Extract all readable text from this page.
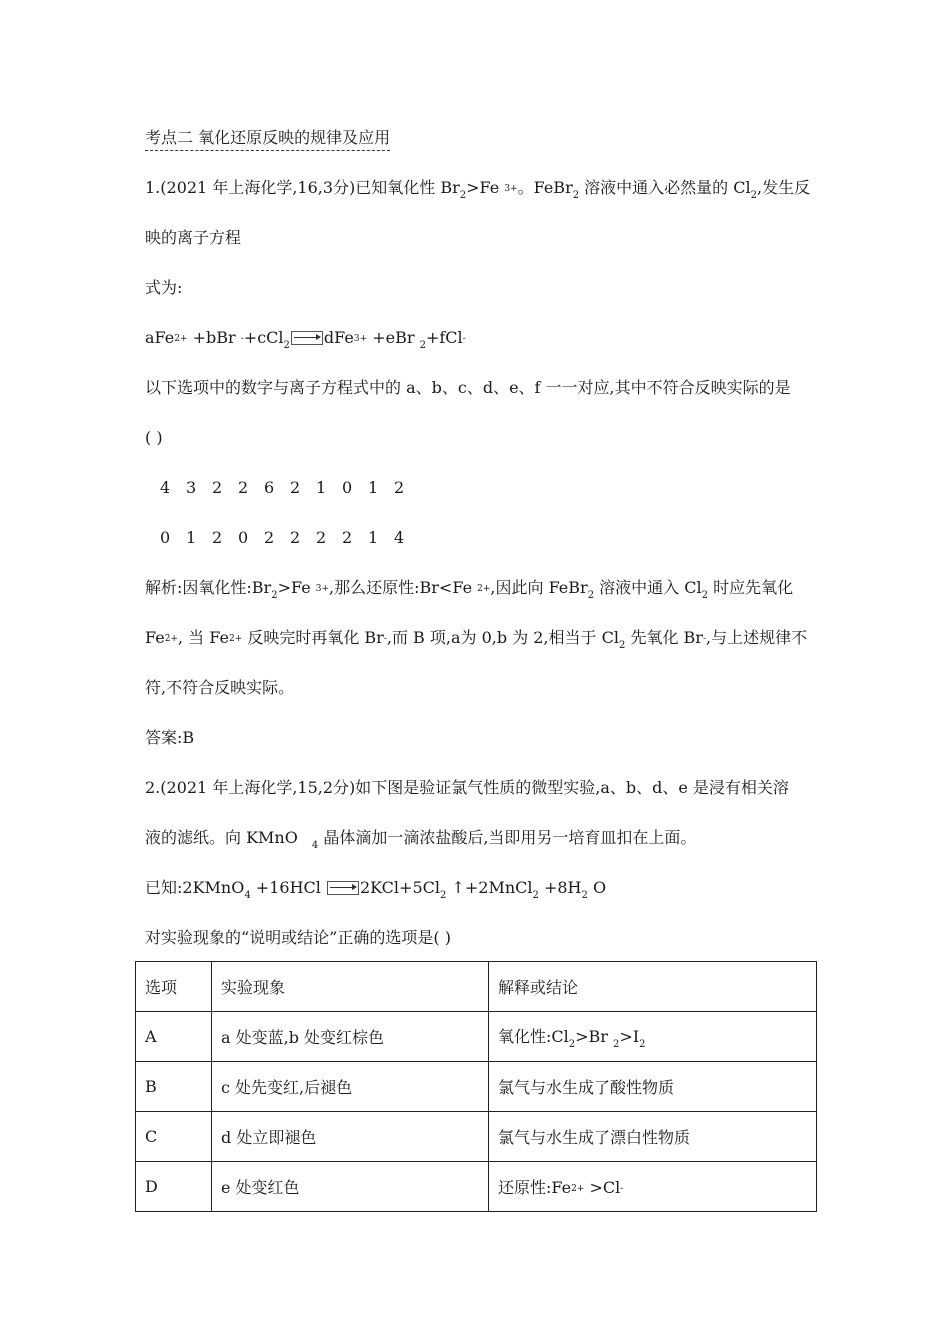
考点二 氧化还原反映的规律及应用
1.(2021 年上海化学,16,3分)已知氧化性 $Br_2>Fe$ $^{3+}$。FeBr$_2$ 溶液中通入必然量的 $Cl_2$,发生反
映的离子方程
式为:
aFe$^{2+}$ +bBr -+cCl$_2$ →dFe$^{3+}$ +eBr $_2$+fCl-
以下选项中的数字与离子方程式中的 a、b、c、d、e、f 一一对应,其中不符合反映实际的是
( )
4 3 2 2 6 2 1 0 1 2
0 1 2 0 2 2 2 2 1 4
解析:因氧化性$:Br_2>Fe$ $^{3+}$,那么还原性:Br<Fe $^{2+}$,因此向 FeBr$_2$ 溶液中通入 $Cl_2$ 时应先氧化
$Fe^{2+}$, 当 $Fe^{2+}$ 反映完时再氧化 Br-,而 B 项,a为 0,b 为 2,相当于 $Cl_2$ 先氧化 Br-,与上述规律不
符,不符合反映实际。
答案:B
2.(2021 年上海化学,15,2分)如下图是验证氯气性质的微型实验,a、b、d、e 是浸有相关溶
液的滤纸。向 KMnO $_4$ 晶体滴加一滴浓盐酸后,当即用另一培育皿扣在上面。
已知:2KMnO$_4$ $+16HCl \to 2KCl+5Cl_2$ ↑+2MnCl$_2$ $+8H_2$ O
对实验现象的“说明或结论”正确的选项是( )
选项	实验现象	解释或结论
A	a 处变蓝,b 处变红棕色	氧化性$:Cl_2>Br$ $_2>I_2$
B	c 处先变红,后褪色	氯气与水生成了酸性物质
C	d 处立即褪色	氯气与水生成了漂白性物质
D	e 处变红色	还原性$:Fe^{2+} >Cl^-$
